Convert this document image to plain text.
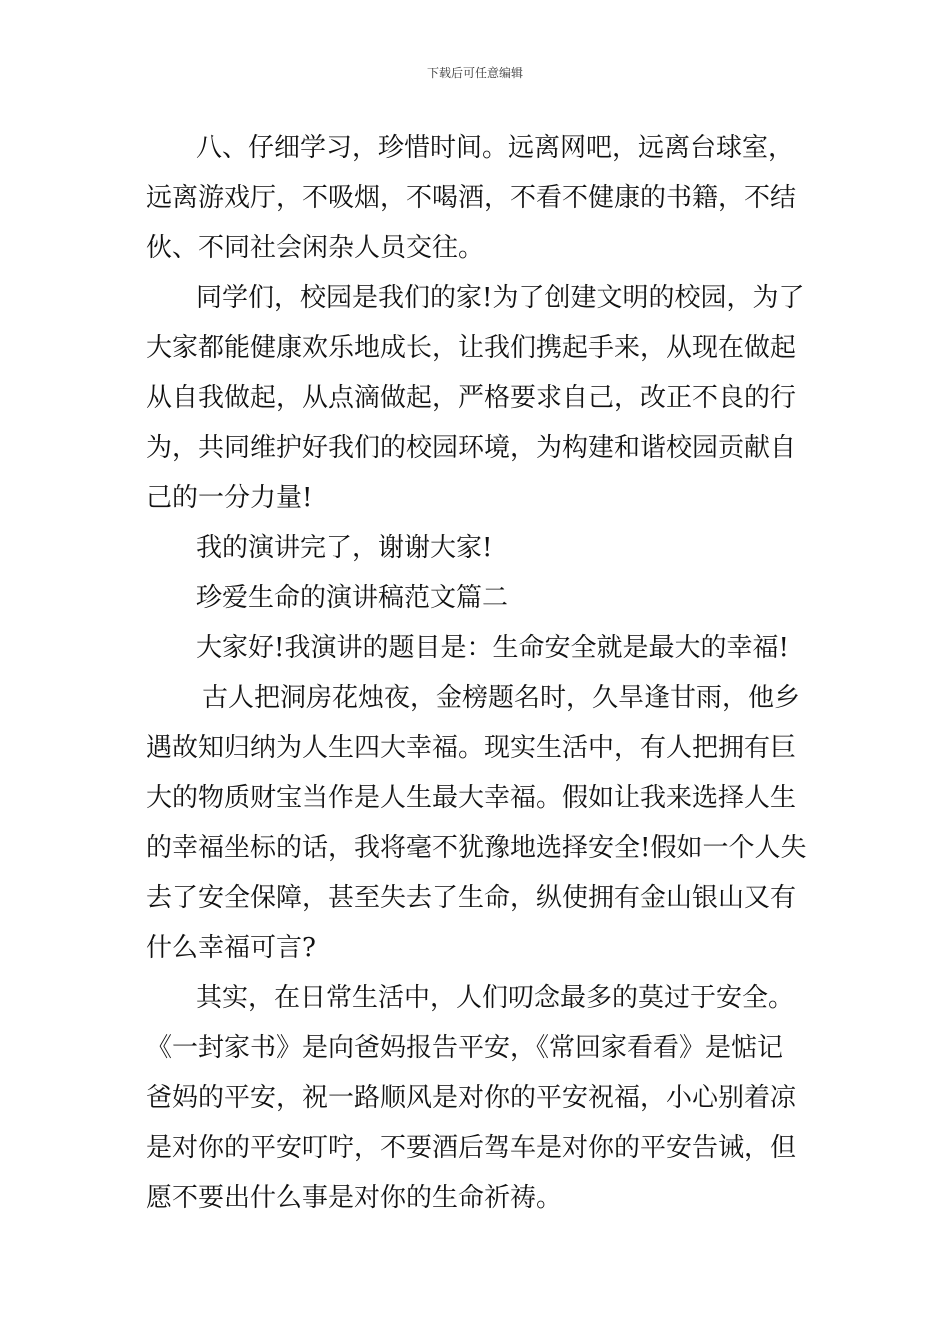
下载后可任意编辑
八、仔细学习，珍惜时间。远离网吧，远离台球室，
远离游戏厅，不吸烟，不喝酒，不看不健康的书籍，不结
伙、不同社会闲杂人员交往。
同学们，校园是我们的家!为了创建文明的校园，为了
大家都能健康欢乐地成长，让我们携起手来，从现在做起
从自我做起，从点滴做起，严格要求自己，改正不良的行
为，共同维护好我们的校园环境，为构建和谐校园贡献自
己的一分力量!
我的演讲完了，谢谢大家!
珍爱生命的演讲稿范文篇二
大家好!我演讲的题目是：生命安全就是最大的幸福!
古人把洞房花烛夜，金榜题名时，久旱逢甘雨，他乡
遇故知归纳为人生四大幸福。现实生活中，有人把拥有巨
大的物质财宝当作是人生最大幸福。假如让我来选择人生
的幸福坐标的话，我将毫不犹豫地选择安全!假如一个人失
去了安全保障，甚至失去了生命，纵使拥有金山银山又有
什么幸福可言?
其实，在日常生活中，人们叨念最多的莫过于安全。
《一封家书》是向爸妈报告平安，《常回家看看》是惦记
爸妈的平安，祝一路顺风是对你的平安祝福，小心别着凉
是对你的平安叮咛，不要酒后驾车是对你的平安告诫，但
愿不要出什么事是对你的生命祈祷。
